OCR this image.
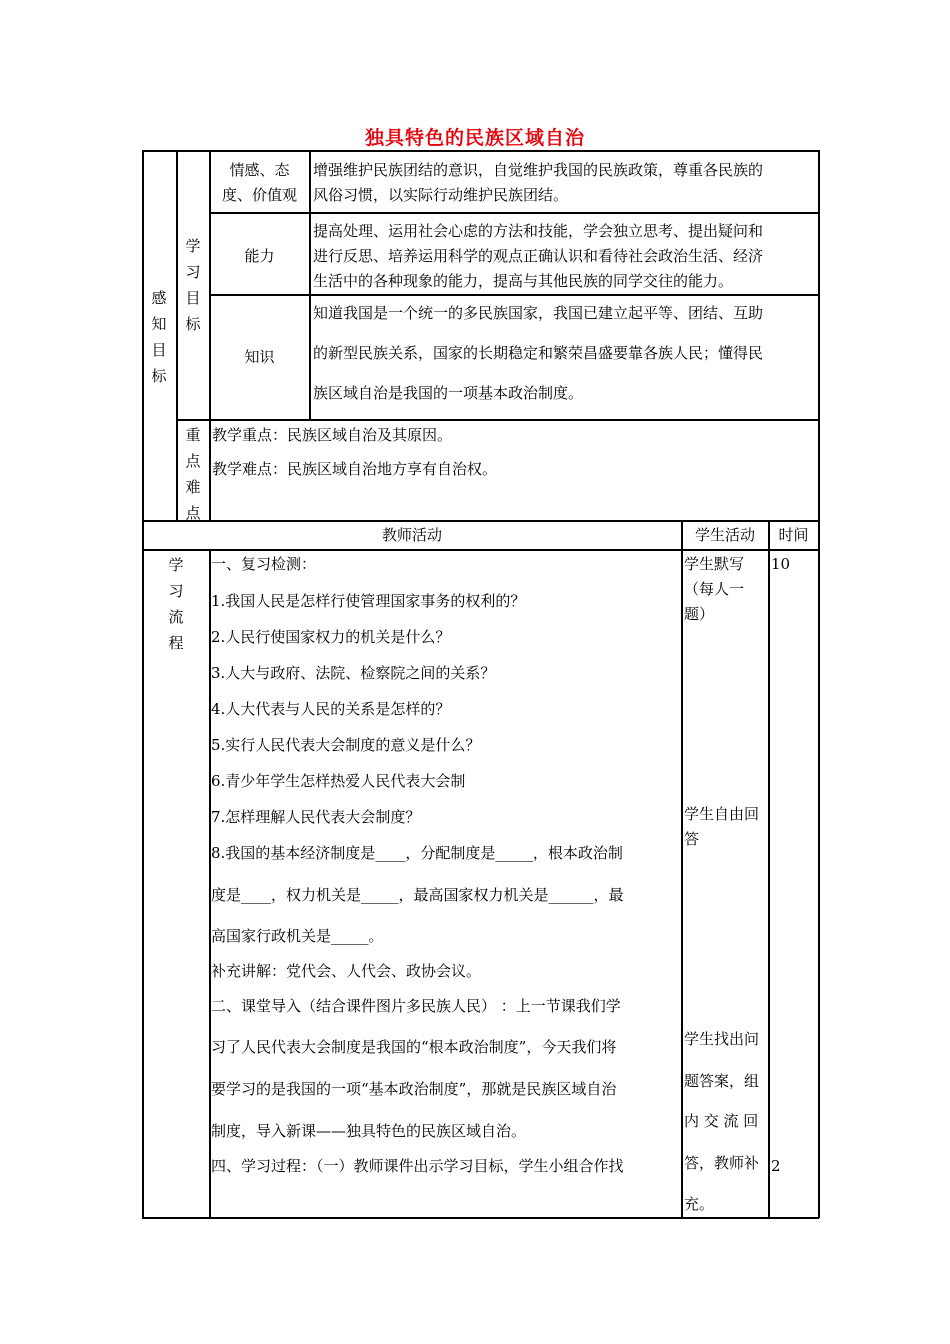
独具特色的民族区域自治
感知目标
学习目标
重点难点
情感、态
度、价值观
增强维护民族团结的意识，自觉维护我国的民族政策，尊重各民族的
风俗习惯，以实际行动维护民族团结。
能力
提高处理、运用社会心虑的方法和技能，学会独立思考、提出疑问和
进行反思、培养运用科学的观点正确认识和看待社会政治生活、经济
生活中的各种现象的能力，提高与其他民族的同学交往的能力。
知识
知道我国是一个统一的多民族国家，我国已建立起平等、团结、互助
的新型民族关系，国家的长期稳定和繁荣昌盛要靠各族人民；懂得民
族区域自治是我国的一项基本政治制度。
教学重点：民族区域自治及其原因。
教学难点：民族区域自治地方享有自治权。
教师活动	学生活动	时间
学习流程
一、复习检测：
1.我国人民是怎样行使管理国家事务的权利的？
2.人民行使国家权力的机关是什么？
3.人大与政府、法院、检察院之间的关系？
4.人大代表与人民的关系是怎样的？
5.实行人民代表大会制度的意义是什么？
6.青少年学生怎样热爱人民代表大会制
7.怎样理解人民代表大会制度？
8.我国的基本经济制度是____，分配制度是_____，根本政治制
度是____，权力机关是_____，最高国家权力机关是______，最
高国家行政机关是_____。
补充讲解：党代会、人代会、政协会议。
二、课堂导入（结合课件图片多民族人民） ：上一节课我们学
习了人民代表大会制度是我国的“根本政治制度”，今天我们将
要学习的是我国的一项“基本政治制度”，那就是民族区域自治
制度，导入新课——独具特色的民族区域自治。
四、学习过程：（一）教师课件出示学习目标，学生小组合作找
学生默写
（每人一
题）
学生自由回
答
学生找出问
题答案，组
内 交 流 回
答，教师补
充。
10
2
